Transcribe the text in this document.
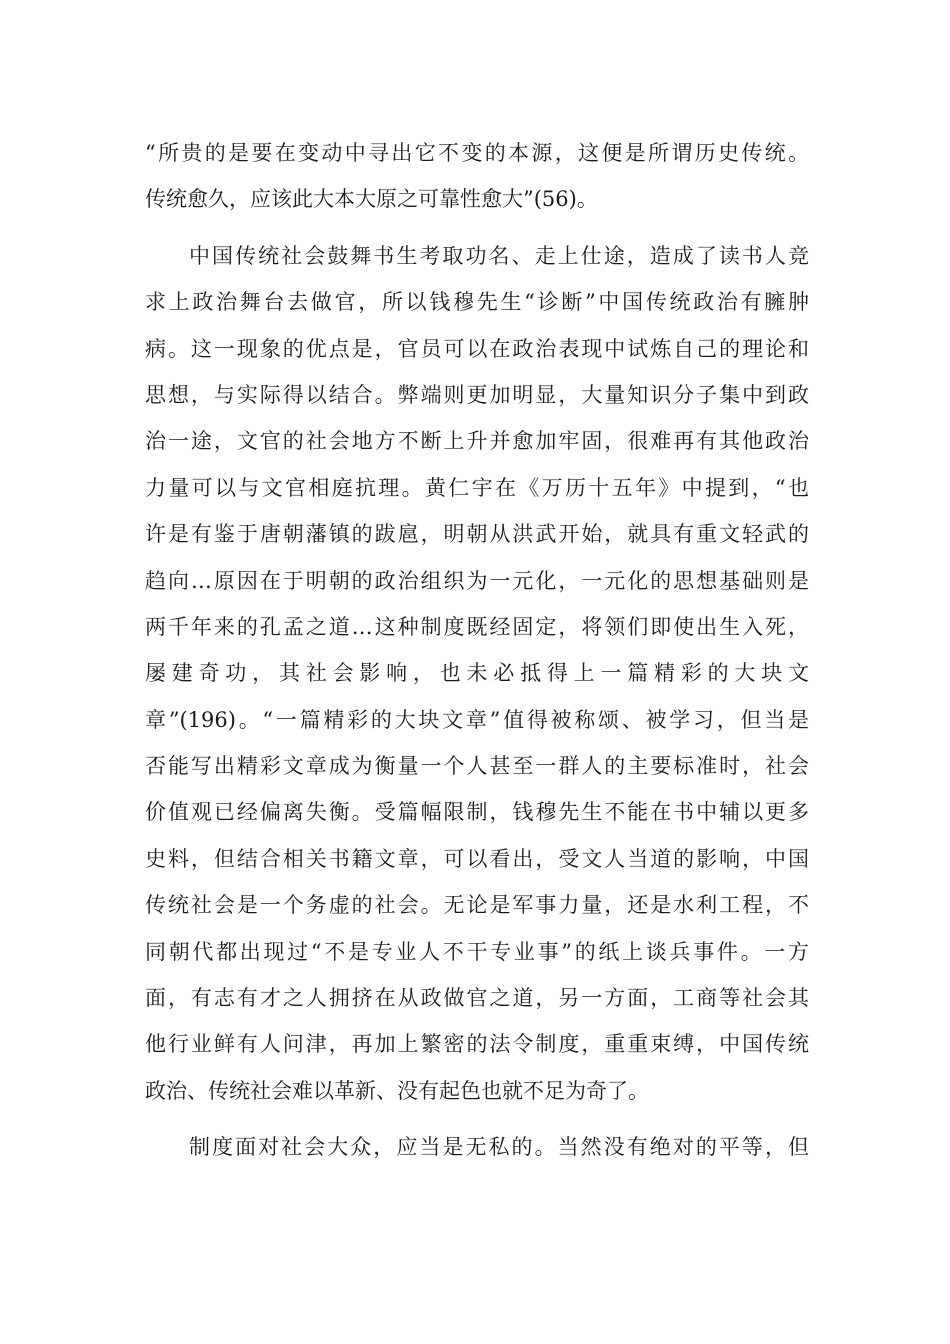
“所贵的是要在变动中寻出它不变的本源，这便是所谓历史传统。
传统愈久，应该此大本大原之可靠性愈大”(56)。
中国传统社会鼓舞书生考取功名、走上仕途，造成了读书人竞
求上政治舞台去做官，所以钱穆先生“诊断”中国传统政治有臃肿
病。这一现象的优点是，官员可以在政治表现中试炼自己的理论和
思想，与实际得以结合。弊端则更加明显，大量知识分子集中到政
治一途，文官的社会地方不断上升并愈加牢固，很难再有其他政治
力量可以与文官相庭抗理。黄仁宇在《万历十五年》中提到，“也
许是有鉴于唐朝藩镇的跋扈，明朝从洪武开始，就具有重文轻武的
趋向…原因在于明朝的政治组织为一元化，一元化的思想基础则是
两千年来的孔孟之道…这种制度既经固定，将领们即使出生入死，
屡建奇功，其社会影响，也未必抵得上一篇精彩的大块文
章”(196)。“一篇精彩的大块文章”值得被称颂、被学习，但当是
否能写出精彩文章成为衡量一个人甚至一群人的主要标准时，社会
价值观已经偏离失衡。受篇幅限制，钱穆先生不能在书中辅以更多
史料，但结合相关书籍文章，可以看出，受文人当道的影响，中国
传统社会是一个务虚的社会。无论是军事力量，还是水利工程，不
同朝代都出现过“不是专业人不干专业事”的纸上谈兵事件。一方
面，有志有才之人拥挤在从政做官之道，另一方面，工商等社会其
他行业鲜有人问津，再加上繁密的法令制度，重重束缚，中国传统
政治、传统社会难以革新、没有起色也就不足为奇了。
制度面对社会大众，应当是无私的。当然没有绝对的平等，但
